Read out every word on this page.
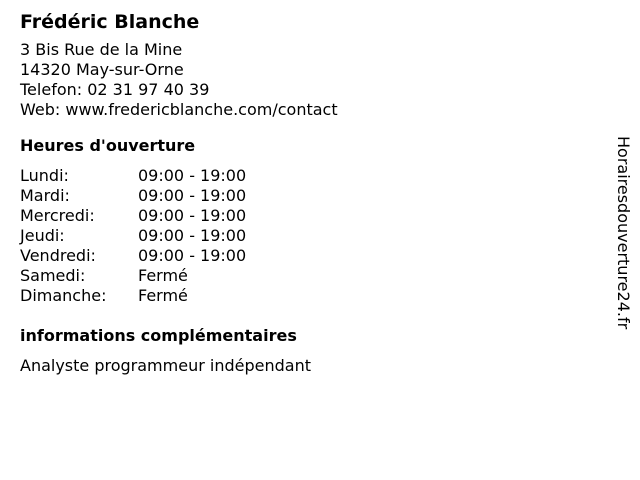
Frédéric Blanche
3 Bis Rue de la Mine
14320 May-sur-Orne
Telefon: 02 31 97 40 39
Web: www.fredericblanche.com/contact
Heures d'ouverture
Lundi:	09:00 - 19:00
Mardi:	09:00 - 19:00
Mercredi:	09:00 - 19:00
Jeudi:	09:00 - 19:00
Vendredi:	09:00 - 19:00
Samedi:	Fermé
Dimanche:	Fermé
informations complémentaires
Analyste programmeur indépendant
Horairesdouverture24.fr
